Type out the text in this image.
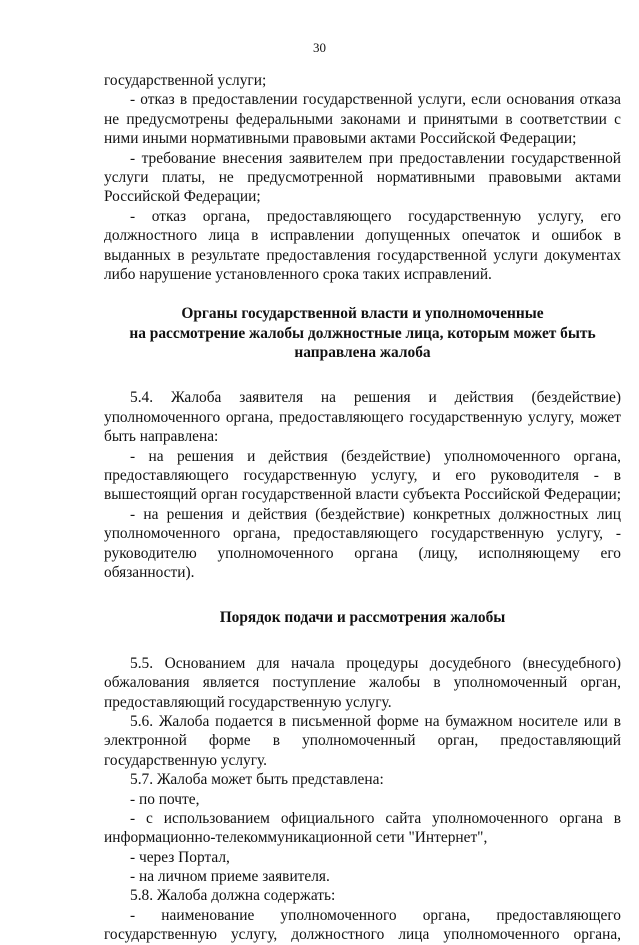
30
государственной услуги;
- отказ в предоставлении государственной услуги, если основания отказа
не предусмотрены федеральными законами и принятыми в соответствии с
ними иными нормативными правовыми актами Российской Федерации;
- требование внесения заявителем при предоставлении государственной
услуги платы, не предусмотренной нормативными правовыми актами
Российской Федерации;
- отказ органа, предоставляющего государственную услугу, его
должностного лица в исправлении допущенных опечаток и ошибок в
выданных в результате предоставления государственной услуги документах
либо нарушение установленного срока таких исправлений.
Органы государственной власти и уполномоченные
на рассмотрение жалобы должностные лица, которым может быть
направлена жалоба
5.4. Жалоба заявителя на решения и действия (бездействие)
уполномоченного органа, предоставляющего государственную услугу, может
быть направлена:
- на решения и действия (бездействие) уполномоченного органа,
предоставляющего государственную услугу, и его руководителя - в
вышестоящий орган государственной власти субъекта Российской Федерации;
- на решения и действия (бездействие) конкретных должностных лиц
уполномоченного органа, предоставляющего государственную услугу, -
руководителю уполномоченного органа (лицу, исполняющему его
обязанности).
Порядок подачи и рассмотрения жалобы
5.5. Основанием для начала процедуры досудебного (внесудебного)
обжалования является поступление жалобы в уполномоченный орган,
предоставляющий государственную услугу.
5.6. Жалоба подается в письменной форме на бумажном носителе или в
электронной форме в уполномоченный орган, предоставляющий
государственную услугу.
5.7. Жалоба может быть представлена:
- по почте,
- с использованием официального сайта уполномоченного органа в
информационно-телекоммуникационной сети "Интернет",
- через Портал,
- на личном приеме заявителя.
5.8. Жалоба должна содержать:
- наименование уполномоченного органа, предоставляющего
государственную услугу, должностного лица уполномоченного органа,
